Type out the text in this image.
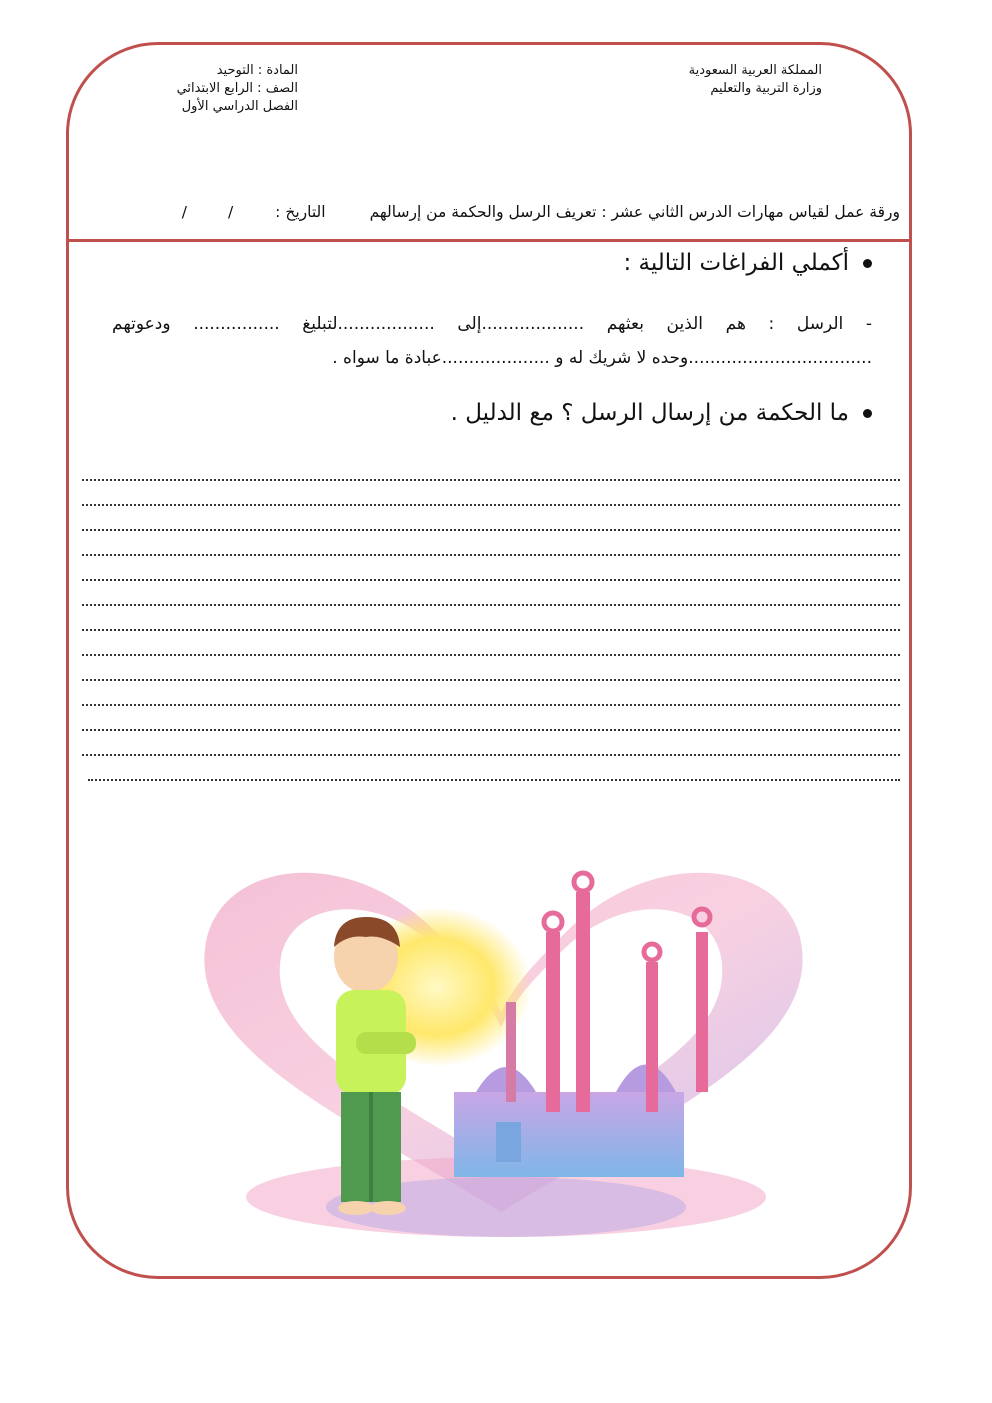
المملكة العربية السعودية
وزارة التربية والتعليم
المادة : التوحيد
الصف : الرابع الابتدائي
الفصل الدراسي الأول
ورقة عمل لقياس مهارات الدرس الثاني عشر : تعريف الرسل والحكمة من إرسالهم
التاريخ :
/ /
أكملي الفراغات التالية :
- الرسل : هم الذين بعثهم ...................إلى ..................لتبليغ ................ ودعوتهم
..................................وحده لا شريك له و ....................عبادة ما سواه .
ما الحكمة من إرسال الرسل ؟ مع الدليل .
